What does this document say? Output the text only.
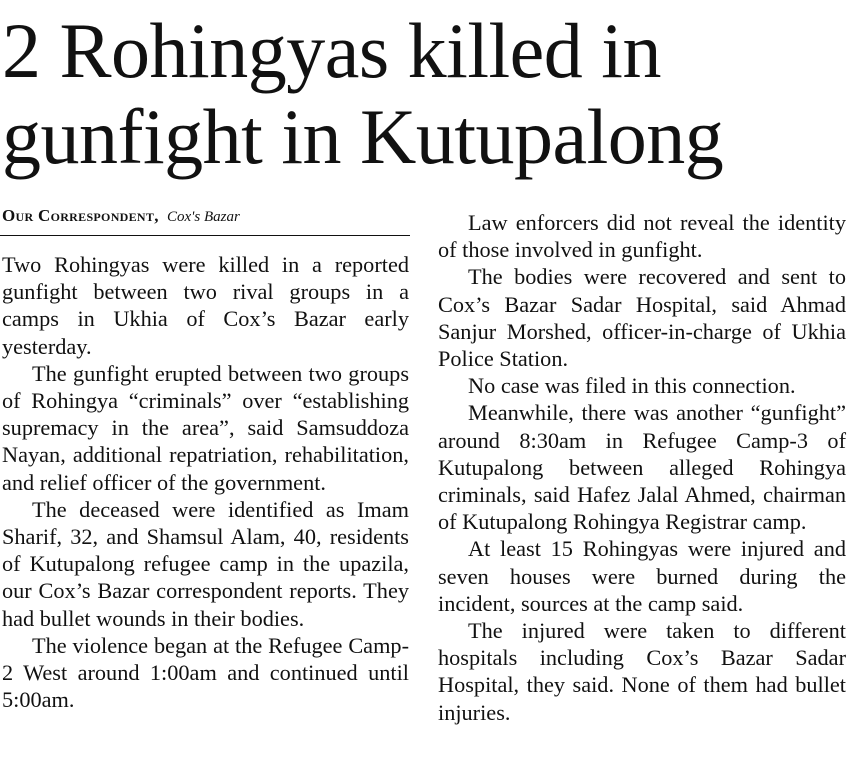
2 Rohingyas killed in
gunfight in Kutupalong
Our Correspondent, Cox's Bazar

Two Rohingyas were killed in a reported gunfight between two rival groups in a camps in Ukhia of Cox’s Bazar early yesterday.

The gunfight erupted between two groups of Rohingya “criminals” over “establishing supremacy in the area”, said Samsuddoza Nayan, additional repatriation, rehabilitation, and relief officer of the government.

The deceased were identified as Imam Sharif, 32, and Shamsul Alam, 40, residents of Kutupalong refugee camp in the upazila, our Cox’s Bazar correspondent reports. They had bullet wounds in their bodies.

The violence began at the Refugee Camp-2 West around 1:00am and continued until 5:00am.

Law enforcers did not reveal the identity of those involved in gunfight.

The bodies were recovered and sent to Cox’s Bazar Sadar Hospital, said Ahmad Sanjur Morshed, officer-in-charge of Ukhia Police Station.

No case was filed in this connection.

Meanwhile, there was another “gunfight” around 8:30am in Refugee Camp-3 of Kutupalong between alleged Rohingya criminals, said Hafez Jalal Ahmed, chairman of Kutupalong Rohingya Registrar camp.

At least 15 Rohingyas were injured and seven houses were burned during the incident, sources at the camp said.

The injured were taken to different hospitals including Cox’s Bazar Sadar Hospital, they said. None of them had bullet injuries.
